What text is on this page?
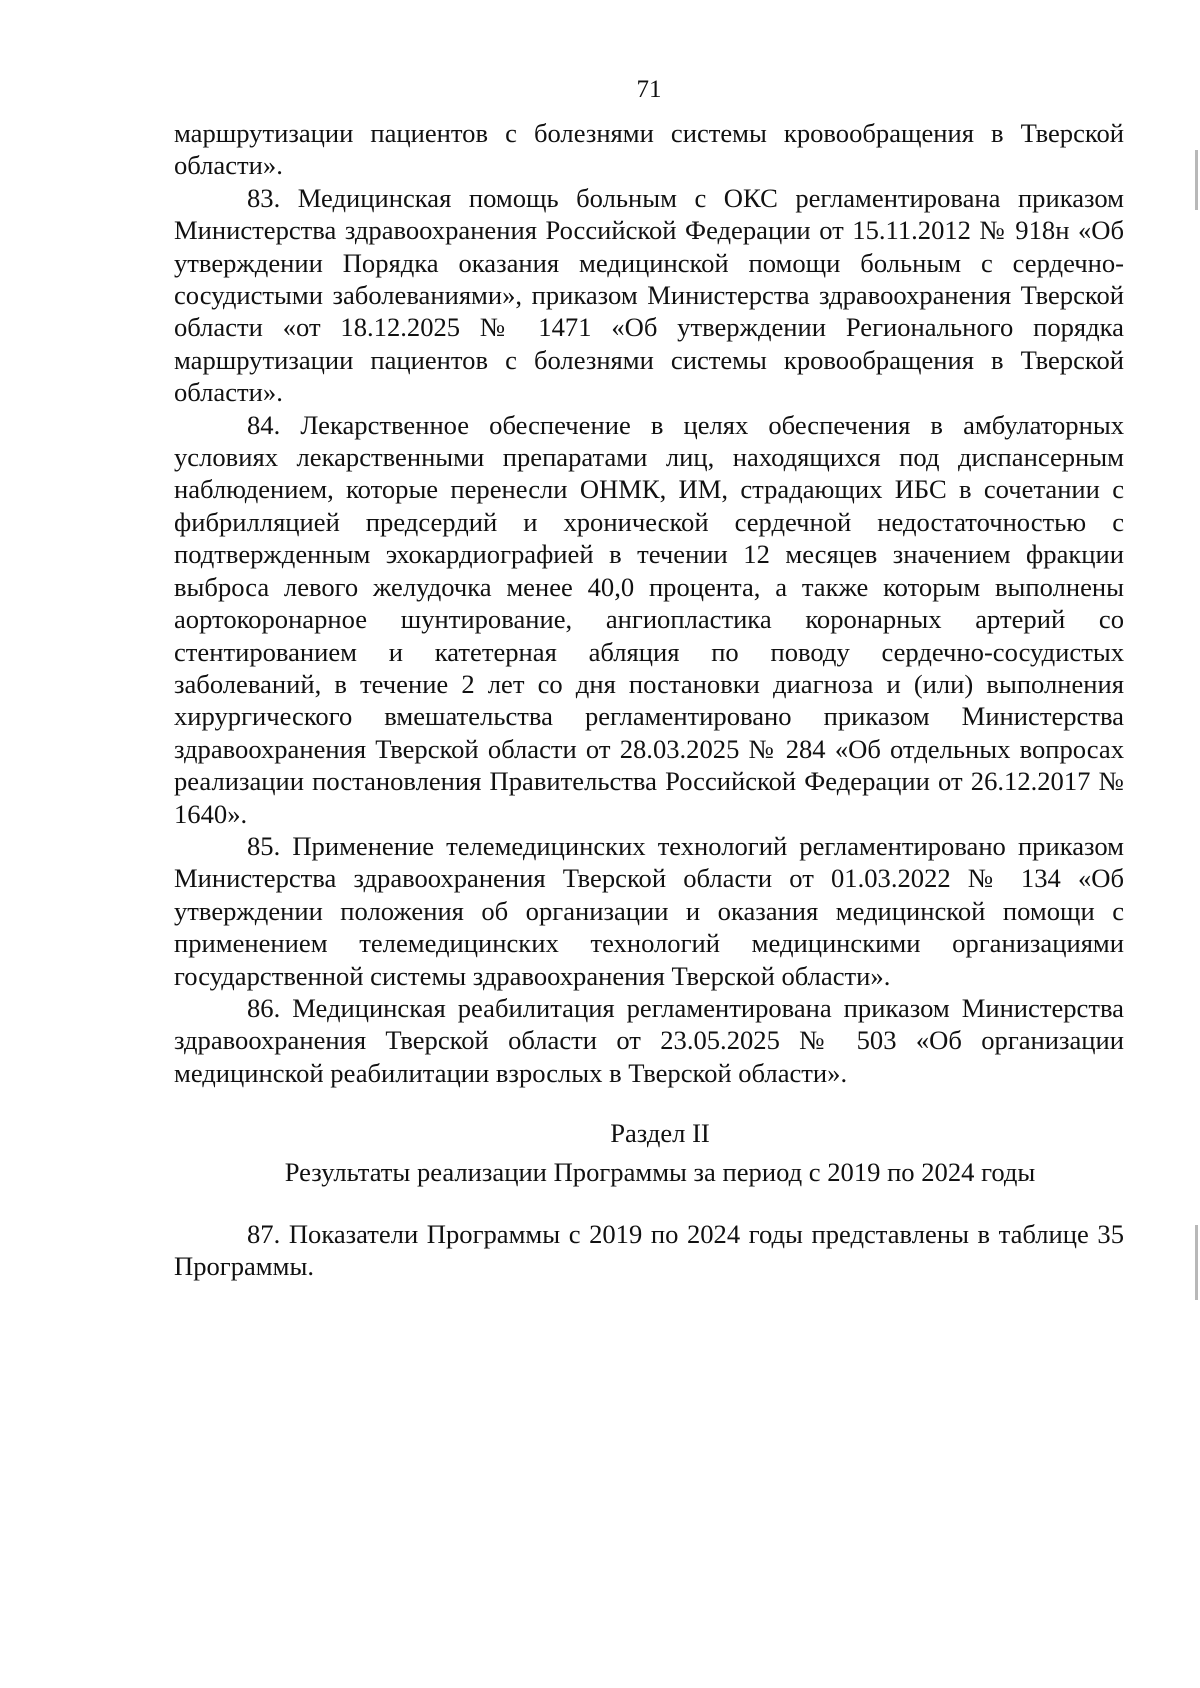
71

маршрутизации пациентов с болезнями системы кровообращения в Тверской области».

83. Медицинская помощь больным с ОКС регламентирована приказом Министерства здравоохранения Российской Федерации от 15.11.2012 № 918н «Об утверждении Порядка оказания медицинской помощи больным с сердечно-сосудистыми заболеваниями», приказом Министерства здравоохранения Тверской области «от 18.12.2025 № 1471 «Об утверждении Регионального порядка маршрутизации пациентов с болезнями системы кровообращения в Тверской области».

84. Лекарственное обеспечение в целях обеспечения в амбулаторных условиях лекарственными препаратами лиц, находящихся под диспансерным наблюдением, которые перенесли ОНМК, ИМ, страдающих ИБС в сочетании с фибрилляцией предсердий и хронической сердечной недостаточностью с подтвержденным эхокардиографией в течении 12 месяцев значением фракции выброса левого желудочка менее 40,0 процента, а также которым выполнены аортокоронарное шунтирование, ангиопластика коронарных артерий со стентированием и катетерная абляция по поводу сердечно-сосудистых заболеваний, в течение 2 лет со дня постановки диагноза и (или) выполнения хирургического вмешательства регламентировано приказом Министерства здравоохранения Тверской области от 28.03.2025 № 284 «Об отдельных вопросах реализации постановления Правительства Российской Федерации от 26.12.2017 № 1640».

85. Применение телемедицинских технологий регламентировано приказом Министерства здравоохранения Тверской области от 01.03.2022 № 134 «Об утверждении положения об организации и оказания медицинской помощи с применением телемедицинских технологий медицинскими организациями государственной системы здравоохранения Тверской области».

86. Медицинская реабилитация регламентирована приказом Министерства здравоохранения Тверской области от 23.05.2025 № 503 «Об организации медицинской реабилитации взрослых в Тверской области».

Раздел II

Результаты реализации Программы за период с 2019 по 2024 годы

87. Показатели Программы с 2019 по 2024 годы представлены в таблице 35 Программы.
